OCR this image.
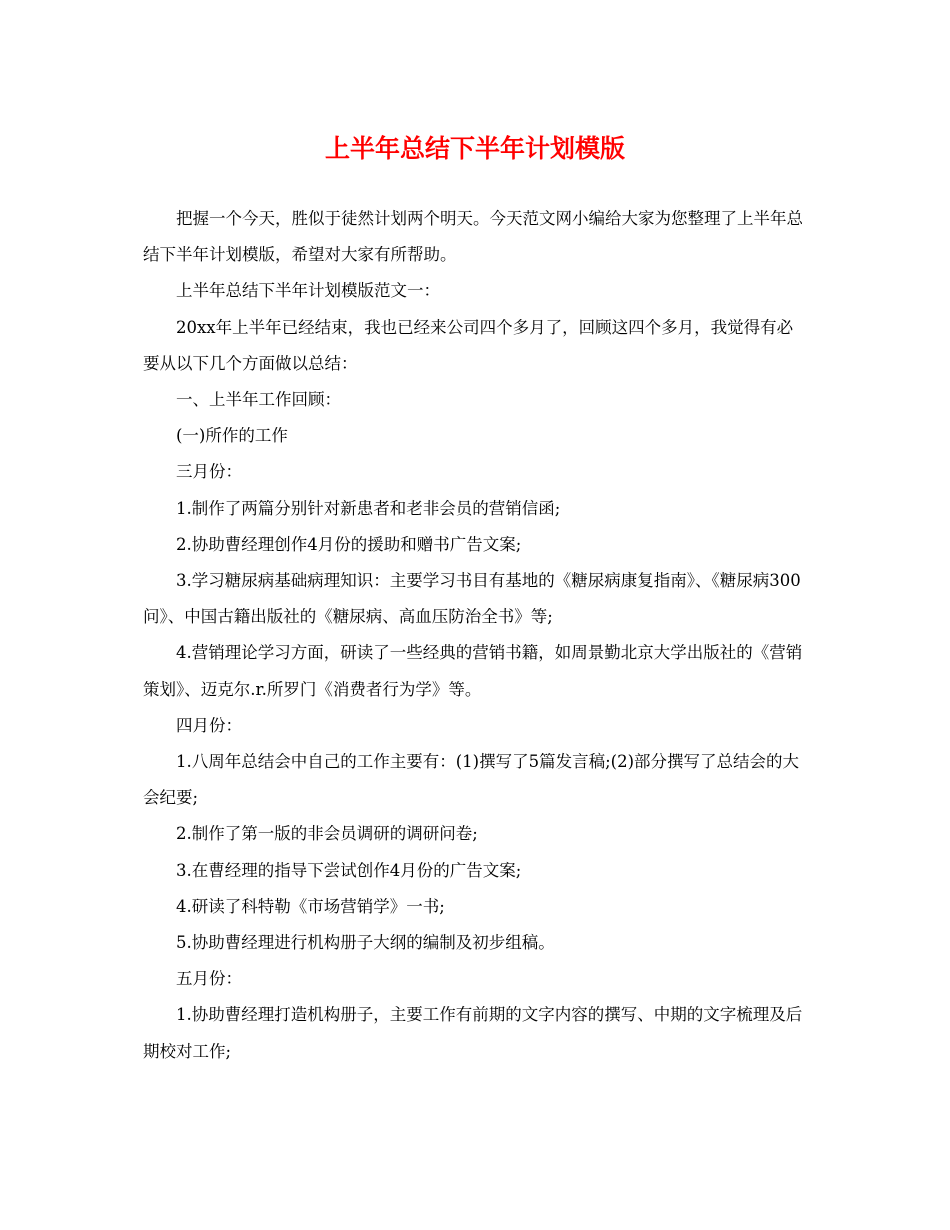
上半年总结下半年计划模版

把握一个今天，胜似于徒然计划两个明天。今天范文网小编给大家为您整理了上半年总结下半年计划模版，希望对大家有所帮助。

上半年总结下半年计划模版范文一：

20xx年上半年已经结束，我也已经来公司四个多月了，回顾这四个多月，我觉得有必要从以下几个方面做以总结：

一、上半年工作回顾：

(一)所作的工作

三月份：

1.制作了两篇分别针对新患者和老非会员的营销信函;

2.协助曹经理创作4月份的援助和赠书广告文案;

3.学习糖尿病基础病理知识：主要学习书目有基地的《糖尿病康复指南》、《糖尿病300问》、中国古籍出版社的《糖尿病、高血压防治全书》等;

4.营销理论学习方面，研读了一些经典的营销书籍，如周景勤北京大学出版社的《营销策划》、迈克尔.r.所罗门《消费者行为学》等。

四月份：

1.八周年总结会中自己的工作主要有：(1)撰写了5篇发言稿;(2)部分撰写了总结会的大会纪要;

2.制作了第一版的非会员调研的调研问卷;

3.在曹经理的指导下尝试创作4月份的广告文案;

4.研读了科特勒《市场营销学》一书;

5.协助曹经理进行机构册子大纲的编制及初步组稿。

五月份：

1.协助曹经理打造机构册子，主要工作有前期的文字内容的撰写、中期的文字梳理及后期校对工作;
